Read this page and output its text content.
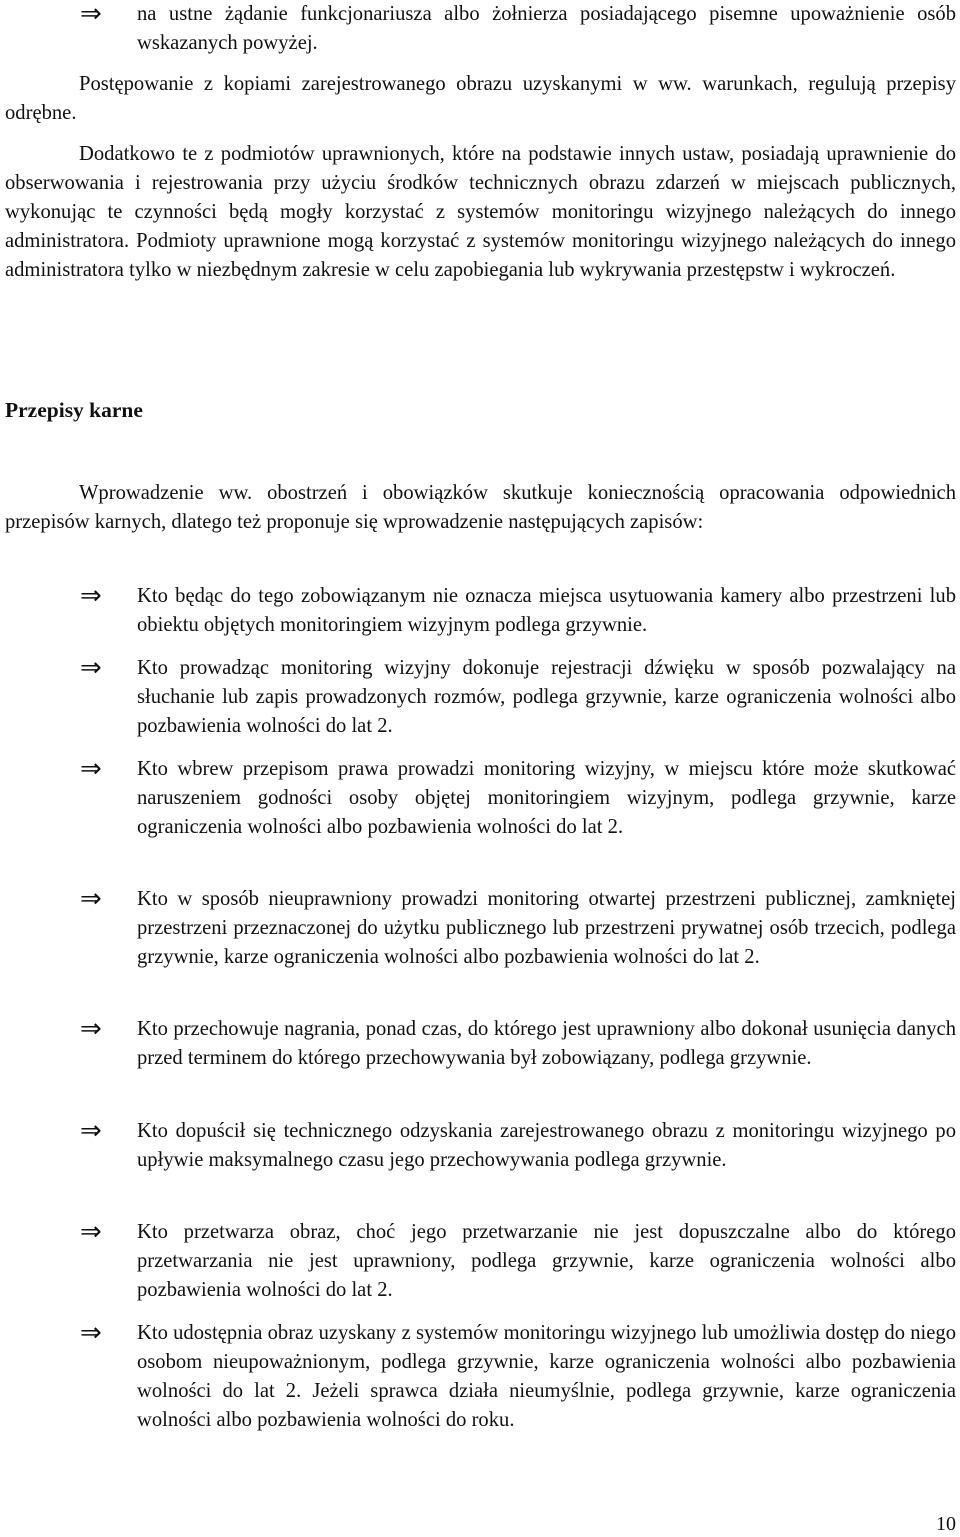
⇒	na ustne żądanie funkcjonariusza albo żołnierza posiadającego pisemne upoważnienie osób wskazanych powyżej.

Postępowanie z kopiami zarejestrowanego obrazu uzyskanymi w ww. warunkach, regulują przepisy odrębne.

Dodatkowo te z podmiotów uprawnionych, które na podstawie innych ustaw, posiadają uprawnienie do obserwowania i rejestrowania przy użyciu środków technicznych obrazu zdarzeń w miejscach publicznych, wykonując te czynności będą mogły korzystać z systemów monitoringu wizyjnego należących do innego administratora. Podmioty uprawnione mogą korzystać z systemów monitoringu wizyjnego należących do innego administratora tylko w niezbędnym zakresie w celu zapobiegania lub wykrywania przestępstw i wykroczeń.

Przepisy karne

Wprowadzenie ww. obostrzeń i obowiązków skutkuje koniecznością opracowania odpowiednich przepisów karnych, dlatego też proponuje się wprowadzenie następujących zapisów:

⇒	Kto będąc do tego zobowiązanym nie oznacza miejsca usytuowania kamery albo przestrzeni lub obiektu objętych monitoringiem wizyjnym podlega grzywnie.

⇒	Kto prowadząc monitoring wizyjny dokonuje rejestracji dźwięku w sposób pozwalający na słuchanie lub zapis prowadzonych rozmów, podlega grzywnie, karze ograniczenia wolności albo pozbawienia wolności do lat 2.

⇒	Kto wbrew przepisom prawa prowadzi monitoring wizyjny, w miejscu które może skutkować naruszeniem godności osoby objętej monitoringiem wizyjnym, podlega grzywnie, karze ograniczenia wolności albo pozbawienia wolności do lat 2.

⇒	Kto w sposób nieuprawniony prowadzi monitoring otwartej przestrzeni publicznej, zamkniętej przestrzeni przeznaczonej do użytku publicznego lub przestrzeni prywatnej osób trzecich, podlega grzywnie, karze ograniczenia wolności albo pozbawienia wolności do lat 2.

⇒	Kto przechowuje nagrania, ponad czas, do którego jest uprawniony albo dokonał usunięcia danych przed terminem do którego przechowywania był zobowiązany, podlega grzywnie.

⇒	Kto dopuścił się technicznego odzyskania zarejestrowanego obrazu z monitoringu wizyjnego po upływie maksymalnego czasu jego przechowywania podlega grzywnie.

⇒	Kto przetwarza obraz, choć jego przetwarzanie nie jest dopuszczalne albo do którego przetwarzania nie jest uprawniony, podlega grzywnie, karze ograniczenia wolności albo pozbawienia wolności do lat 2.

⇒	Kto udostępnia obraz uzyskany z systemów monitoringu wizyjnego lub umożliwia dostęp do niego osobom nieupoważnionym, podlega grzywnie, karze ograniczenia wolności albo pozbawienia wolności do lat 2. Jeżeli sprawca działa nieumyślnie, podlega grzywnie, karze ograniczenia wolności albo pozbawienia wolności do roku.

10
